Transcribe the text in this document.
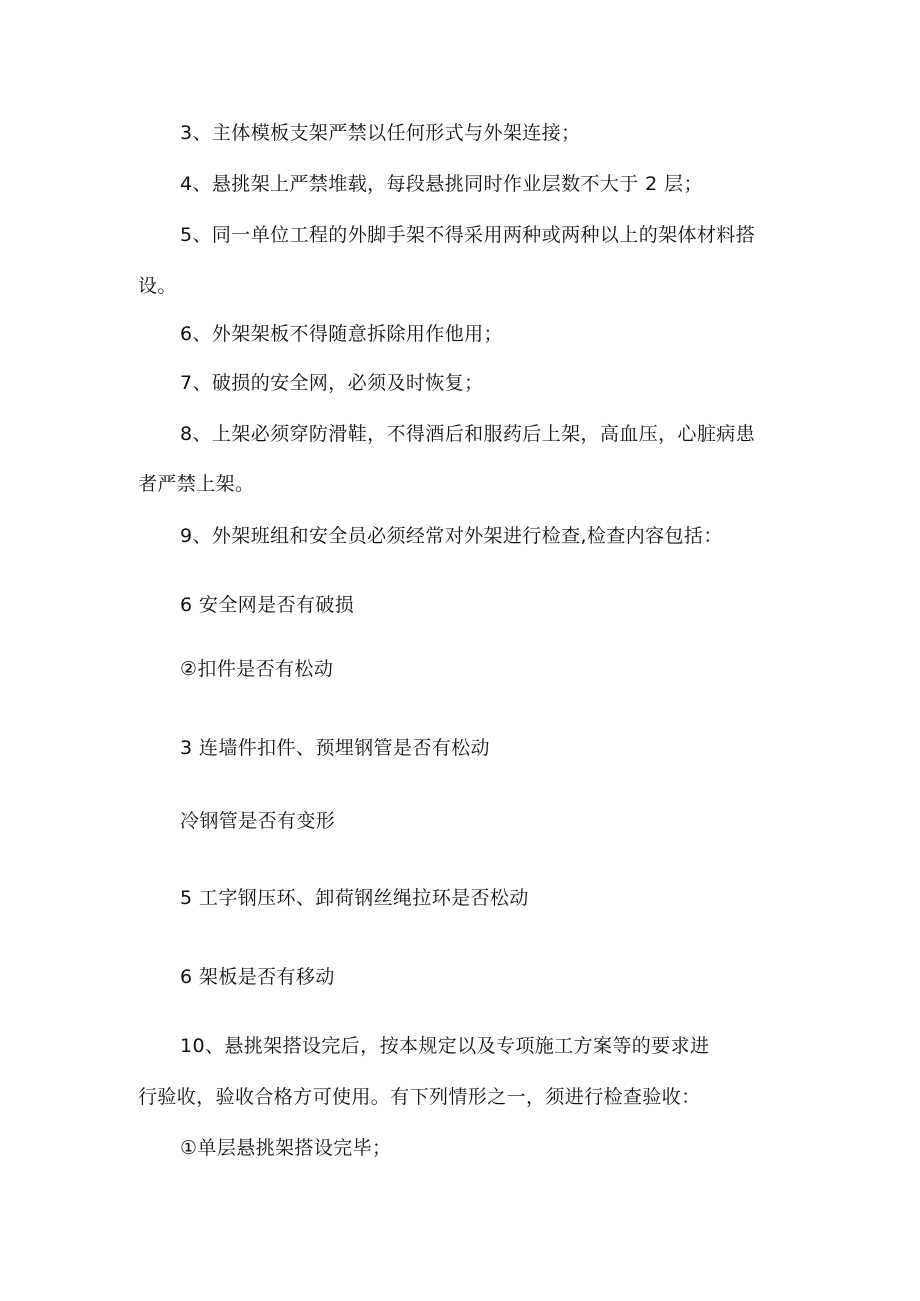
3、主体模板支架严禁以任何形式与外架连接；
4、悬挑架上严禁堆载，每段悬挑同时作业层数不大于 2 层；
5、同一单位工程的外脚手架不得采用两种或两种以上的架体材料搭
设。
6、外架架板不得随意拆除用作他用；
7、破损的安全网，必须及时恢复；
8、上架必须穿防滑鞋，不得酒后和服药后上架，高血压，心脏病患
者严禁上架。
9、外架班组和安全员必须经常对外架进行检查,检查内容包括：
6 安全网是否有破损
②扣件是否有松动
3 连墙件扣件、预埋钢管是否有松动
冷钢管是否有变形
5 工字钢压环、卸荷钢丝绳拉环是否松动
6 架板是否有移动
10、悬挑架搭设完后，按本规定以及专项施工方案等的要求进
行验收，验收合格方可使用。有下列情形之一，须进行检查验收：
①单层悬挑架搭设完毕；
